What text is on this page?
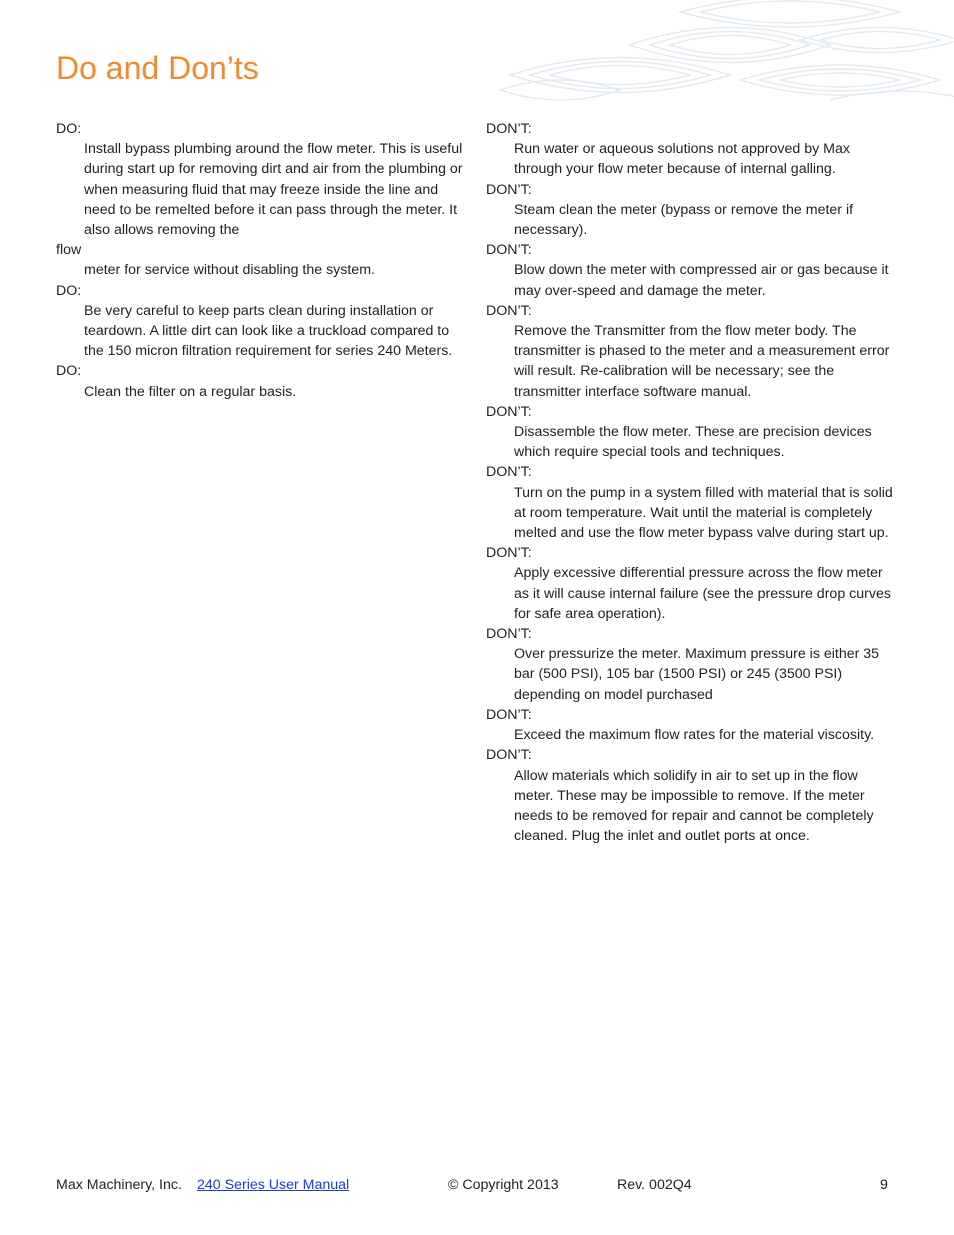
Do and Don’ts
DO:
Install bypass plumbing around the flow meter. This is useful during start up for removing dirt and air from the plumbing or when measuring fluid that may freeze inside the line and need to be remelted before it can pass through the meter. It also allows removing the
flow
meter for service without disabling the system.
DO:
Be very careful to keep parts clean during installation or teardown. A little dirt can look like a truckload compared to the 150 micron filtration requirement for series 240 Meters.
DO:
Clean the filter on a regular basis.
DON’T:
Run water or aqueous solutions not approved by Max through your flow meter because of internal galling.
DON’T:
Steam clean the meter (bypass or remove the meter if necessary).
DON’T:
Blow down the meter with compressed air or gas because it may over-speed and damage the meter.
DON’T:
Remove the Transmitter from the flow meter body. The transmitter is phased to the meter and a measurement error will result. Re-calibration will be necessary; see the transmitter interface software manual.
DON’T:
Disassemble the flow meter. These are precision devices which require special tools and techniques.
DON’T:
Turn on the pump in a system filled with material that is solid at room temperature. Wait until the material is completely melted and use the flow meter bypass valve during start up.
DON’T:
Apply excessive differential pressure across the flow meter as it will cause internal failure (see the pressure drop curves for safe area operation).
DON’T:
Over pressurize the meter. Maximum pressure is either 35 bar (500 PSI), 105 bar (1500 PSI) or 245 (3500 PSI) depending on model purchased
DON’T:
Exceed the maximum flow rates for the material viscosity.
DON’T:
Allow materials which solidify in air to set up in the flow meter. These may be impossible to remove. If the meter needs to be removed for repair and cannot be completely cleaned. Plug the inlet and outlet ports at once.
Max Machinery, Inc. 240 Series User Manual	© Copyright 2013	Rev. 002Q4	9
